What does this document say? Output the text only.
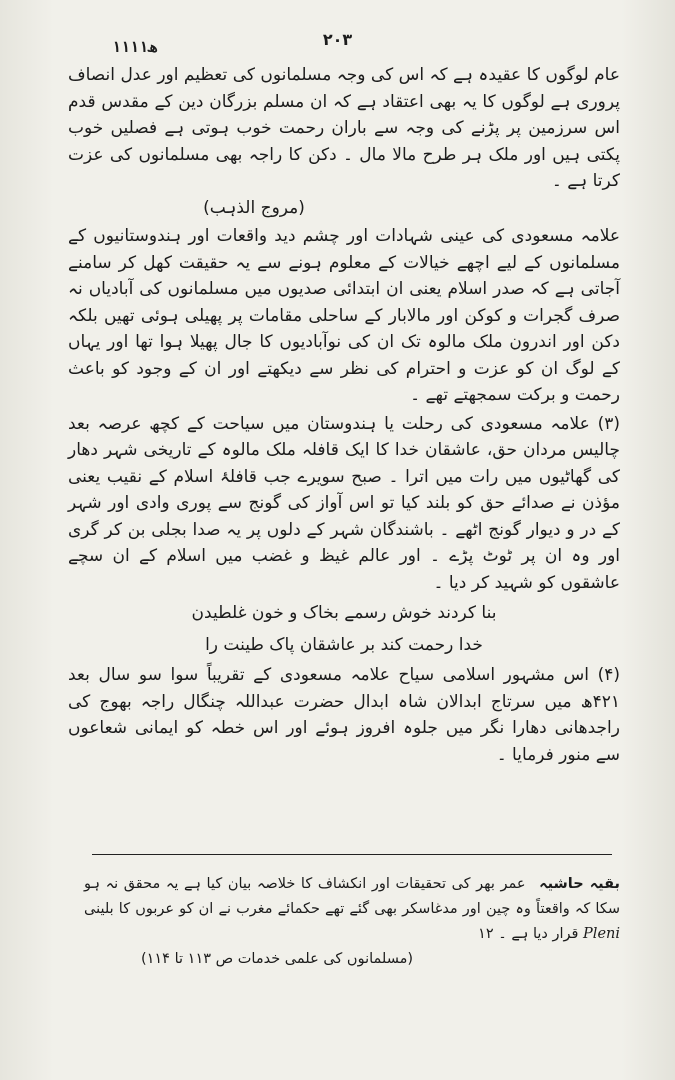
۲۰۳
۱۱۱۱ھ

عام لوگوں کا عقیدہ ہے کہ اس کی وجہ مسلمانوں کی تعظیم اور عدل انصاف پروری ہے لوگوں کا یہ بھی اعتقاد ہے کہ ان مسلم بزرگان دین کے مقدس قدم اس سرزمین پر پڑنے کی وجہ سے باران رحمت خوب ہوتی ہے فصلیں خوب پکتی ہیں اور ملک ہر طرح مالا مال ۔ دکن کا راجہ بھی مسلمانوں کی عزت کرتا ہے ۔
(مروج الذہب)

علامہ مسعودی کی عینی شہادات اور چشم دید واقعات اور ہندوستانیوں کے مسلمانوں کے لیے اچھے خیالات کے معلوم ہونے سے یہ حقیقت کھل کر سامنے آجاتی ہے کہ صدر اسلام یعنی ان ابتدائی صدیوں میں مسلمانوں کی آبادیاں نہ صرف گجرات و کوکن اور مالابار کے ساحلی مقامات پر پھیلی ہوئی تھیں بلکہ دکن اور اندرون ملک مالوہ تک ان کی نوآبادیوں کا جال پھیلا ہوا تھا اور یہاں کے لوگ ان کو عزت و احترام کی نظر سے دیکھتے اور ان کے وجود کو باعث رحمت و برکت سمجھتے تھے ۔

(۳) علامہ مسعودی کی رحلت یا ہندوستان میں سیاحت کے کچھ عرصہ بعد چالیس مردان حق، عاشقان خدا کا ایک قافلہ ملک مالوہ کے تاریخی شہر دھار کی گھاٹیوں میں رات میں اترا ۔ صبح سویرے جب قافلۂ اسلام کے نقیب یعنی مؤذن نے صدائے حق کو بلند کیا تو اس آواز کی گونج سے پوری وادی اور شہر کے در و دیوار گونج اٹھے ۔ باشندگان شہر کے دلوں پر یہ صدا بجلی بن کر گری اور وہ ان پر ٹوٹ پڑے ۔ اور عالم غیظ و غضب میں اسلام کے ان سچے عاشقوں کو شہید کر دیا ۔

بنا کردند خوش رسمے بخاک و خون غلطیدن

خدا رحمت کند بر عاشقان پاک طینت را

(۴) اس مشہور اسلامی سیاح علامہ مسعودی کے تقریباً سوا سو سال بعد ۴۲۱ھ میں سرتاج ابدالان شاہ ابدال حضرت عبداللہ چنگال راجہ بھوج کی راجدھانی دھارا نگر میں جلوہ افروز ہوئے اور اس خطہ کو ایمانی شعاعوں سے منور فرمایا ۔

بقیہ حاشیہ عمر بھر کی تحقیقات اور انکشاف کا خلاصہ بیان کیا ہے یہ محقق نہ ہو سکا کہ واقعتاً وہ چین اور مدغاسکر بھی گئے تھے حکمائے مغرب نے ان کو عربوں کا بلینی Pleni قرار دیا ہے ۔ ۱۲
(مسلمانوں کی علمی خدمات ص ۱۱۳ تا ۱۱۴)
